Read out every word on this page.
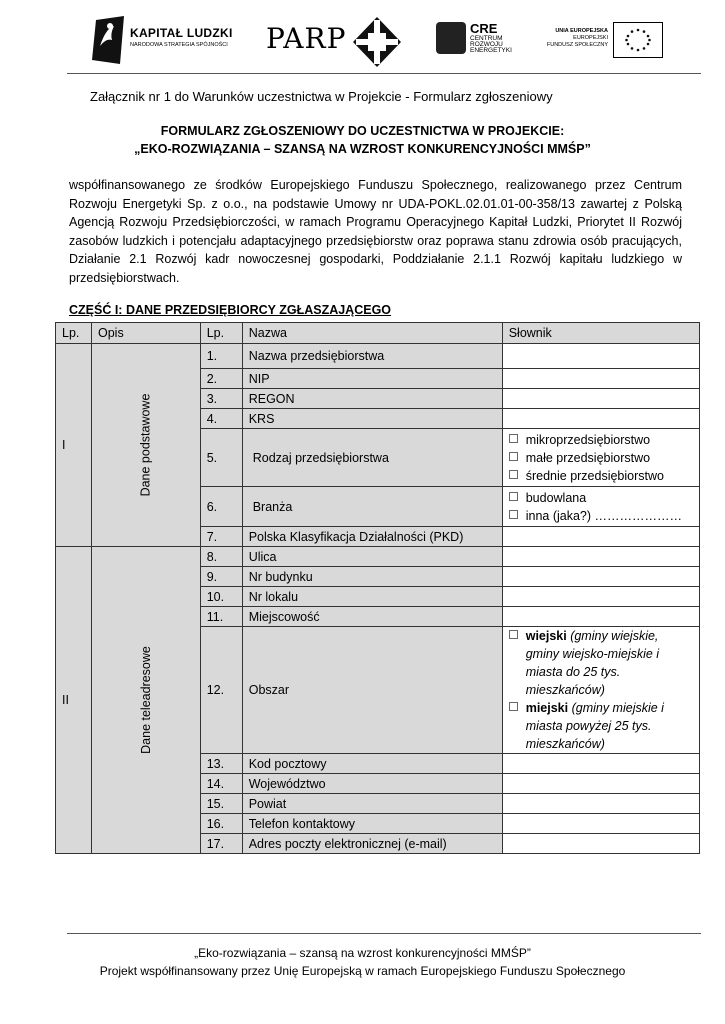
KAPITAŁ LUDZKI
NARODOWA STRATEGIA SPÓJNOŚCI PARP	CRE
CENTRUM ROZWOJU ENERGETYKI
UNIA EUROPEJSKA
EUROPEJSKI
FUNDUSZ SPOŁECZNY
Załącznik nr 1 do Warunków uczestnictwa w Projekcie - Formularz zgłoszeniowy
FORMULARZ ZGŁOSZENIOWY DO UCZESTNICTWA W PROJEKCIE:
„EKO-ROZWIĄZANIA – SZANSĄ NA WZROST KONKURENCYJNOŚCI MMŚP”
współfinansowanego ze środków Europejskiego Funduszu Społecznego, realizowanego przez Centrum Rozwoju Energetyki Sp. z o.o., na podstawie Umowy nr UDA-POKL.02.01.01-00-358/13 zawartej z Polską Agencją Rozwoju Przedsiębiorczości, w ramach Programu Operacyjnego Kapitał Ludzki, Priorytet II Rozwój zasobów ludzkich i potencjału adaptacyjnego przedsiębiorstw oraz poprawa stanu zdrowia osób pracujących, Działanie 2.1 Rozwój kadr nowoczesnej gospodarki, Poddziałanie 2.1.1 Rozwój kapitału ludzkiego w przedsiębiorstwach.
CZĘŚĆ I: DANE PRZEDSIĘBIORCY ZGŁASZAJĄCEGO
Lp.	Opis	Lp.	Nazwa	Słownik
I	Dane podstawowe	1.	Nazwa przedsiębiorstwa	
		2.	NIP	
		3.	REGON	
		4.	KRS	
		5.	Rodzaj przedsiębiorstwa	mikroprzedsiębiorstwo
małe przedsiębiorstwo
średnie przedsiębiorstwo

		6.	Branża	budowlana
inna (jaka?) …………………

		7.	Polska Klasyfikacja Działalności (PKD)	
II	Dane teleadresowe	8.	Ulica	
		9.	Nr budynku	
		10.	Nr lokalu	
		11.	Miejscowość	
		12.	Obszar	wiejski (gminy wiejskie, gminy wiejsko-miejskie i miasta do 25 tys. mieszkańców)
miejski (gminy miejskie i miasta powyżej 25 tys. mieszkańców)

		13.	Kod pocztowy	
		14.	Województwo	
		15.	Powiat	
		16.	Telefon kontaktowy	
		17.	Adres poczty elektronicznej (e-mail)	
„Eko-rozwiązania – szansą na wzrost konkurencyjności MMŚP”
Projekt współfinansowany przez Unię Europejską w ramach Europejskiego Funduszu Społecznego
